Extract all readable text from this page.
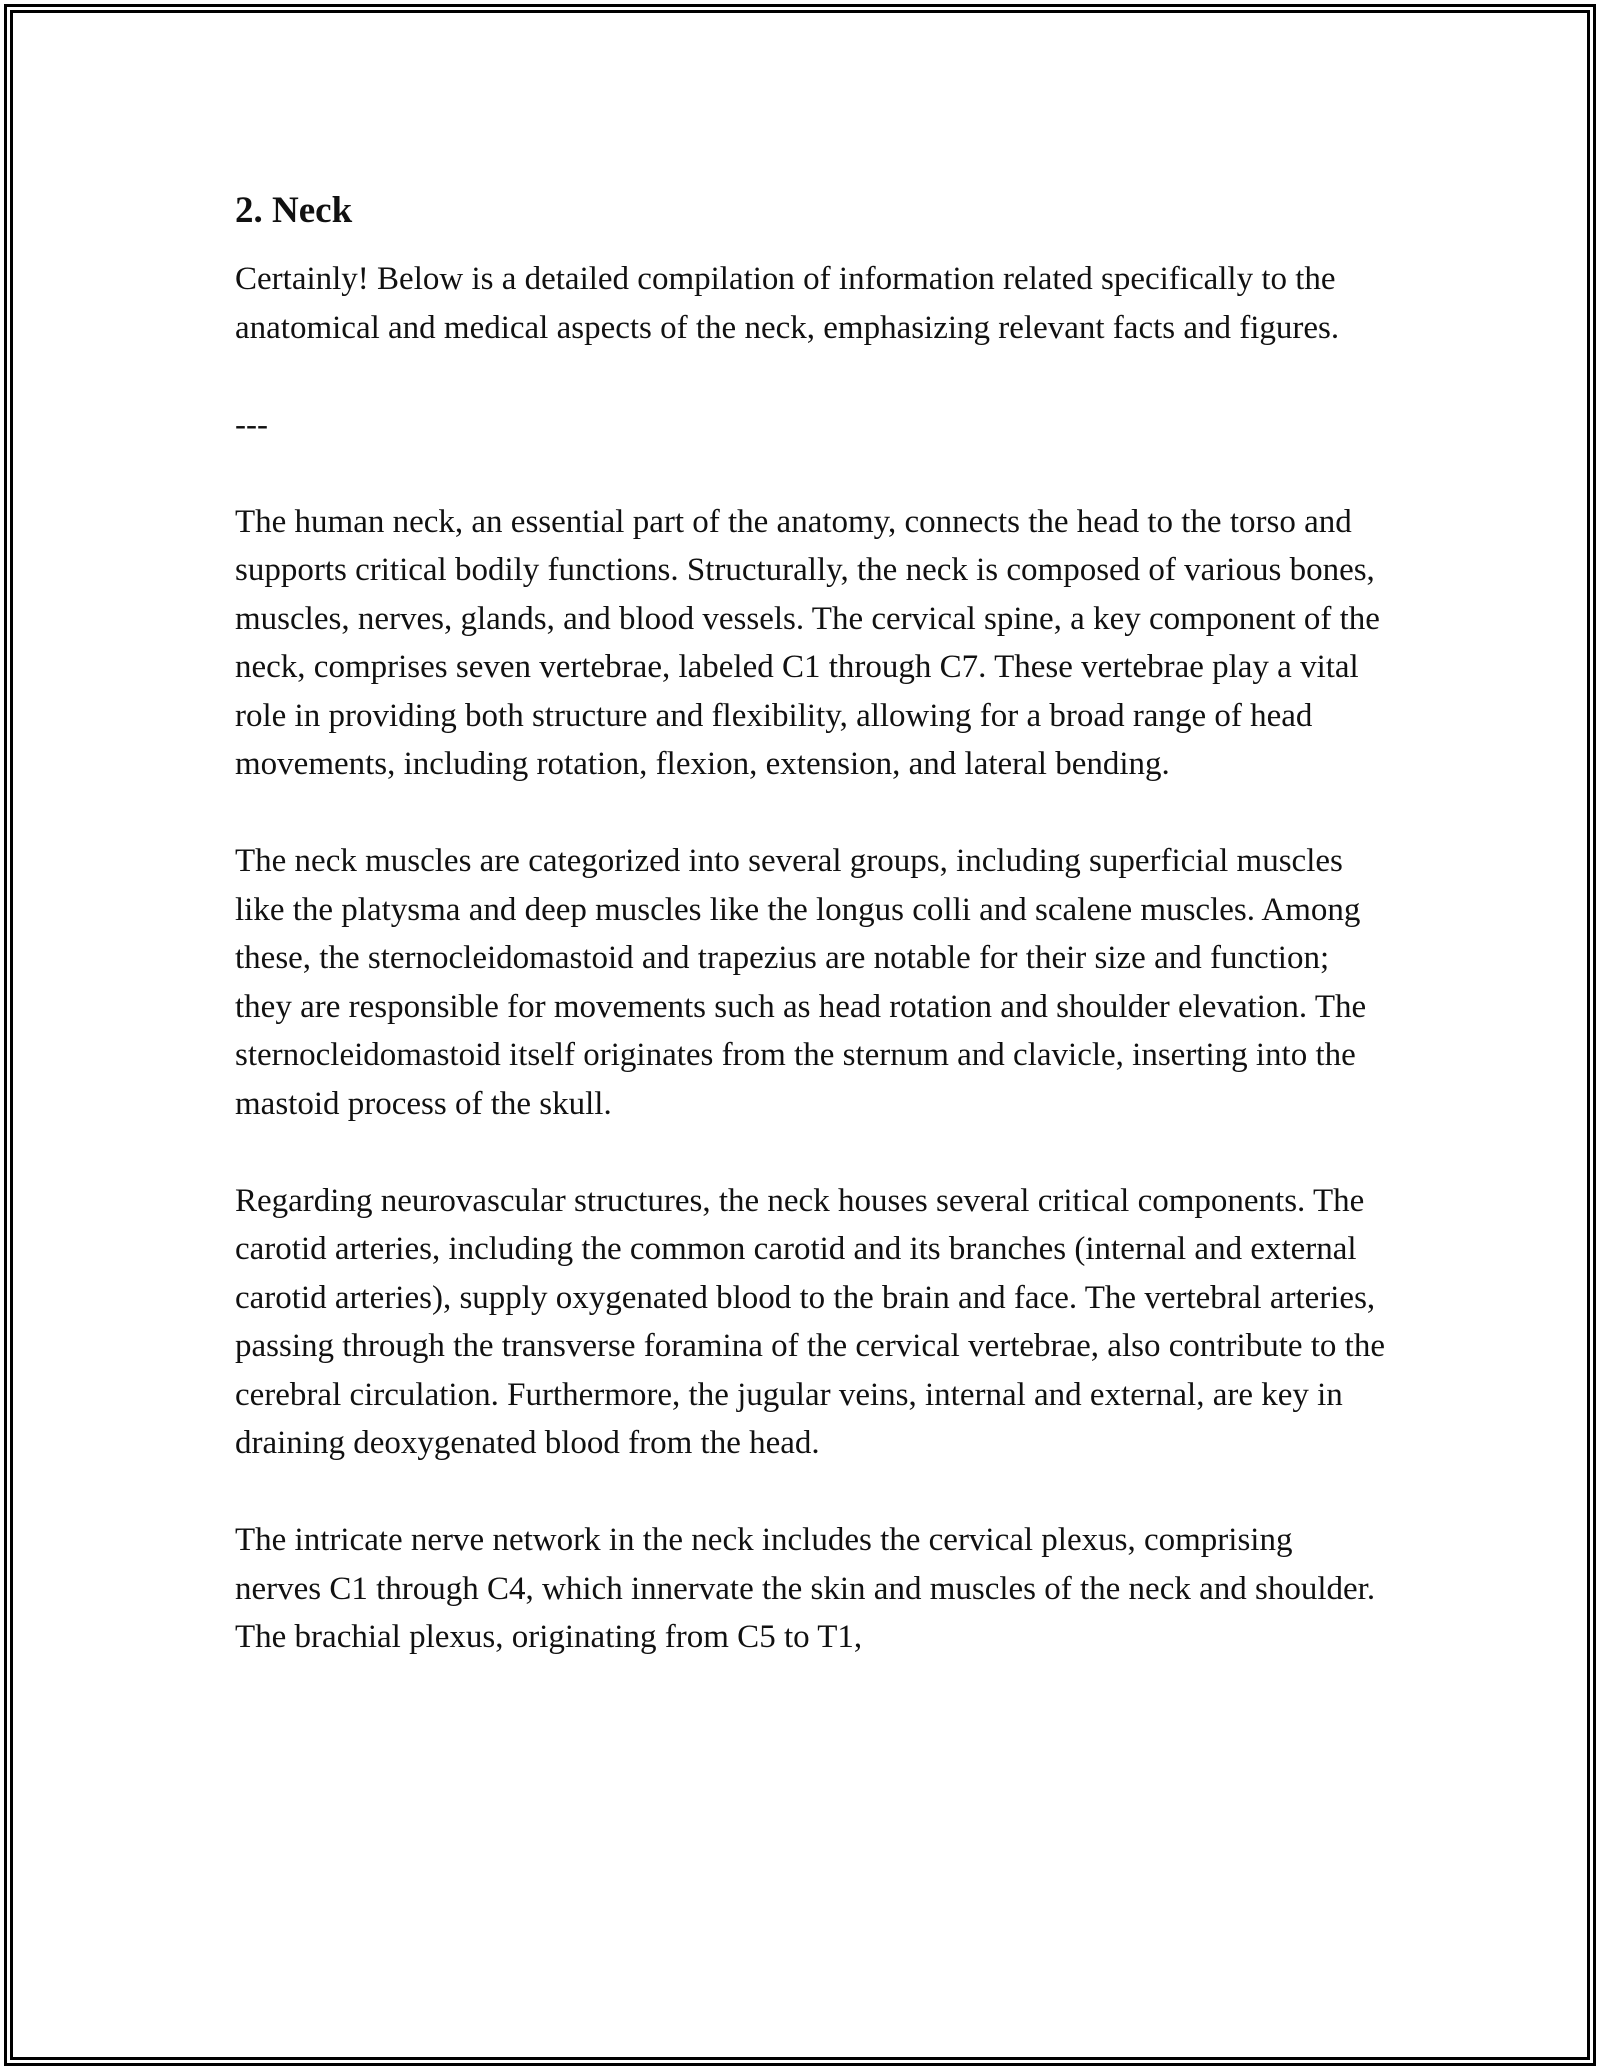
2. Neck

Certainly! Below is a detailed compilation of information related specifically to the anatomical and medical aspects of the neck, emphasizing relevant facts and figures.

---

The human neck, an essential part of the anatomy, connects the head to the torso and supports critical bodily functions. Structurally, the neck is composed of various bones, muscles, nerves, glands, and blood vessels. The cervical spine, a key component of the neck, comprises seven vertebrae, labeled C1 through C7. These vertebrae play a vital role in providing both structure and flexibility, allowing for a broad range of head movements, including rotation, flexion, extension, and lateral bending.

The neck muscles are categorized into several groups, including superficial muscles like the platysma and deep muscles like the longus colli and scalene muscles. Among these, the sternocleidomastoid and trapezius are notable for their size and function; they are responsible for movements such as head rotation and shoulder elevation. The sternocleidomastoid itself originates from the sternum and clavicle, inserting into the mastoid process of the skull.

Regarding neurovascular structures, the neck houses several critical components. The carotid arteries, including the common carotid and its branches (internal and external carotid arteries), supply oxygenated blood to the brain and face. The vertebral arteries, passing through the transverse foramina of the cervical vertebrae, also contribute to the cerebral circulation. Furthermore, the jugular veins, internal and external, are key in draining deoxygenated blood from the head.

The intricate nerve network in the neck includes the cervical plexus, comprising nerves C1 through C4, which innervate the skin and muscles of the neck and shoulder. The brachial plexus, originating from C5 to T1,
